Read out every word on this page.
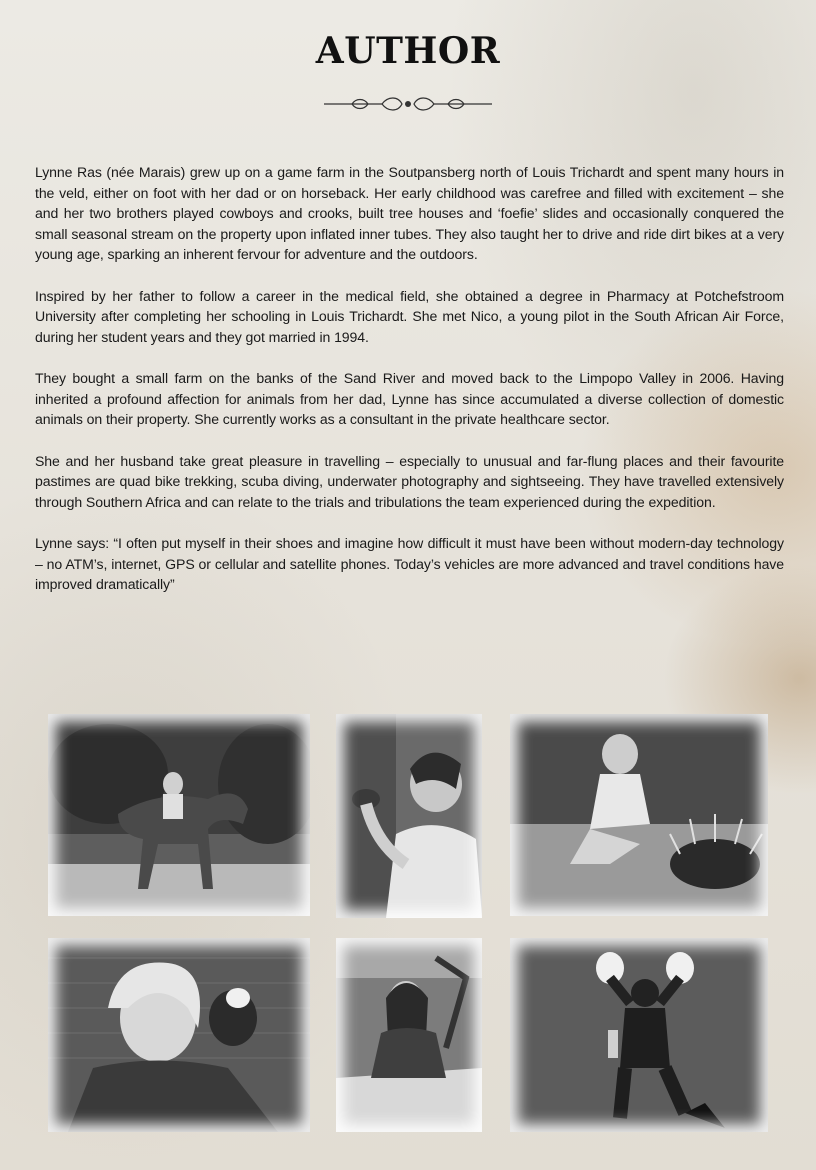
AUTHOR

Lynne Ras (née Marais) grew up on a game farm in the Soutpansberg north of Louis Trichardt and spent many hours in the veld, either on foot with her dad or on horseback. Her early childhood was carefree and filled with excitement – she and her two brothers played cowboys and crooks, built tree houses and ‘foefie’ slides and occasionally conquered the small seasonal stream on the property upon inflated inner tubes. They also taught her to drive and ride dirt bikes at a very young age, sparking an inherent fervour for adventure and the outdoors.

Inspired by her father to follow a career in the medical field, she obtained a degree in Pharmacy at Potchefstroom University after completing her schooling in Louis Trichardt. She met Nico, a young pilot in the South African Air Force, during her student years and they got married in 1994.

They bought a small farm on the banks of the Sand River and moved back to the Limpopo Valley in 2006. Having inherited a profound affection for animals from her dad, Lynne has since accumulated a diverse collection of domestic animals on their property. She currently works as a consultant in the private healthcare sector.

She and her husband take great pleasure in travelling – especially to unusual and far-flung places and their favourite pastimes are quad bike trekking, scuba diving, underwater photography and sightseeing. They have travelled extensively through Southern Africa and can relate to the trials and tribulations the team experienced during the expedition.

Lynne says: “I often put myself in their shoes and imagine how difficult it must have been without modern-day technology – no ATM’s, internet, GPS or cellular and satellite phones. Today’s vehicles are more advanced and travel conditions have improved dramatically”
